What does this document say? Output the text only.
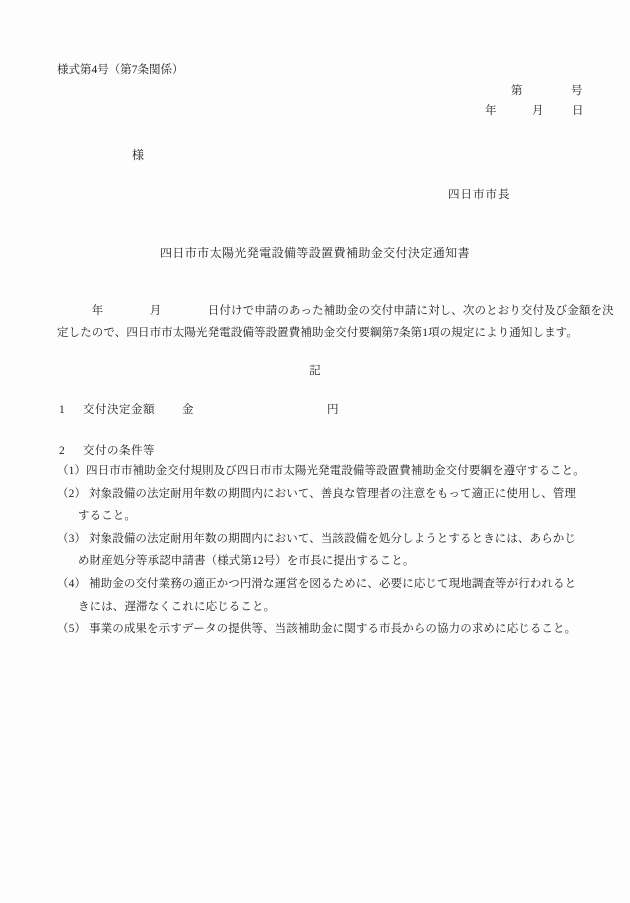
様式第4号（第7条関係）
第	号
年	月 日
様
四日市市長
四日市市太陽光発電設備等設置費補助金交付決定通知書
　　　年　　　　月　　　　日付けで申請のあった補助金の交付申請に対し、次のとおり交付及び金額を決
定したので、四日市市太陽光発電設備等設置費補助金交付要綱第7条第1項の規定により通知します。
記
1 交付決定金額 金	円
2 交付の条件等
（1）四日市市補助金交付規則及び四日市市太陽光発電設備等設置費補助金交付要綱を遵守すること。
（2） 対象設備の法定耐用年数の期間内において、善良な管理者の注意をもって適正に使用し、管理
すること。
（3） 対象設備の法定耐用年数の期間内において、当該設備を処分しようとするときには、あらかじ
め財産処分等承認申請書（様式第12号）を市長に提出すること。
（4） 補助金の交付業務の適正かつ円滑な運営を図るために、必要に応じて現地調査等が行われると
きには、遅滞なくこれに応じること。
（5） 事業の成果を示すデータの提供等、当該補助金に関する市長からの協力の求めに応じること。
